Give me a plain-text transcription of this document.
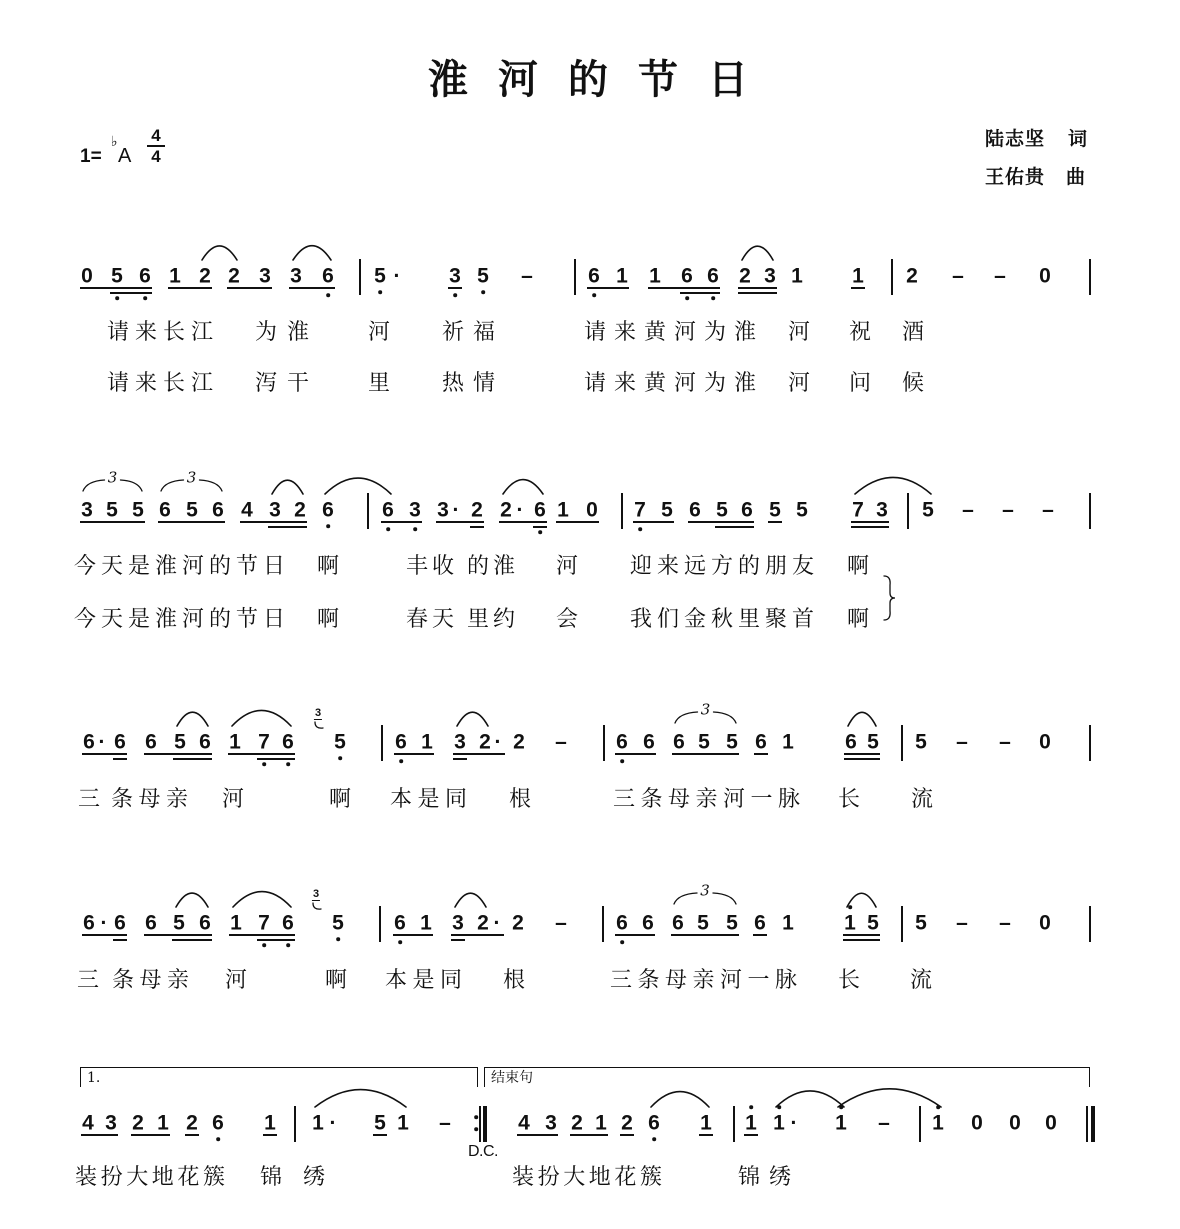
淮河的节日
1=
♭
A
4
4
陆志坚 词
王佑贵 曲
0 5 6 1 2 2 3 3 6 5 · 3 5 –	6 1 1 6 6 2 3 1 1 2 – – 0
请来长江 为淮 河 祈福	请来黄河为淮 河 祝 酒
请来长江 泻干 里 热情	请来黄河为淮 河 问 候
3 5 5 6 5 6 4 3 2 6 6 3 3 · 2 2 · 6 1 0 7 5 6 5 6 5 5 7 3 5 – – –
3	3
今天是淮河的节日 啊	丰收 的淮 河 迎来远方的朋友 啊
今天是淮河的节日 啊	春天 里约 会 我们金秋里聚首 啊
6 · 6 6 5 6 1 7 6
3
5 6 1 3 2 · 2 – 6 6 6 5 5 6 1 6 5 5 – – 0
3
三 条母亲 河	啊 本是同 根	三条母亲河一脉 长 流
6 · 6 6 5 6 1 7 6
3
5 6 1 3 2 · 2 – 6 6 6 5 5 6 1 1 5 5 – – 0
3
三 条母亲 河	啊 本是同 根	三条母亲河一脉 长 流
4 3 2 1 2 6 1 1 · 5 1 –	4 3 2 1 2 6 1 1 1 · 1 – 1 0 0 0
装扮大地花簇 锦 绣	装扮大地花簇	锦绣
1.	结束句
D.C.
